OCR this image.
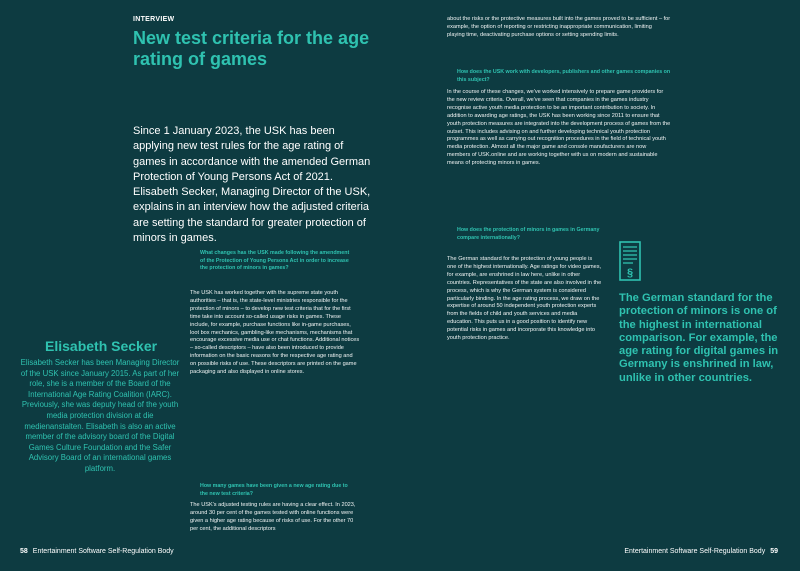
INTERVIEW
New test criteria for the age rating of games
Since 1 January 2023, the USK has been applying new test rules for the age rating of games in accordance with the amended German Protection of Young Persons Act of 2021. Elisabeth Secker, Managing Director of the USK, explains in an interview how the adjusted criteria are setting the standard for greater protection of minors in games.
What changes has the USK made following the amendment of the Protection of Young Persons Act in order to increase the protection of minors in games?
The USK has worked together with the supreme state youth authorities – that is, the state-level ministries responsible for the protection of minors – to develop new test criteria that for the first time take into account so-called usage risks in games. These include, for example, purchase functions like in-game purchases, loot box mechanics, gambling-like mechanisms, mechanisms that encourage excessive media use or chat functions. Additional notices – so-called descriptors – have also been introduced to provide information on the basic reasons for the respective age rating and on possible risks of use. These descriptors are printed on the game packaging and also displayed in online stores.
How many games have been given a new age rating due to the new test criteria?
The USK's adjusted testing rules are having a clear effect. In 2023, around 30 per cent of the games tested with online functions were given a higher age rating because of risks of use. For the other 70 per cent, the additional descriptors
about the risks or the protective measures built into the games proved to be sufficient – for example, the option of reporting or restricting inappropriate communication, limiting playing time, deactivating purchase options or setting spending limits.
How does the USK work with developers, publishers and other games companies on this subject?
In the course of these changes, we've worked intensively to prepare game providers for the new review criteria. Overall, we've seen that companies in the games industry recognise active youth media protection to be an important contribution to society. In addition to awarding age ratings, the USK has been working since 2011 to ensure that youth protection measures are integrated into the development process of games from the outset. This includes advising on and further developing technical youth protection programmes as well as carrying out recognition procedures in the field of technical youth media protection. Almost all the major game and console manufacturers are now members of USK.online and are working together with us on modern and sustainable means of protecting minors in games.
How does the protection of minors in games in Germany compare internationally?
The German standard for the protection of young people is one of the highest internationally. Age ratings for video games, for example, are enshrined in law here, unlike in other countries. Representatives of the state are also involved in the process, which is why the German system is considered particularly binding. In the age rating process, we draw on the expertise of around 50 independent youth protection experts from the fields of child and youth services and media education. This puts us in a good position to identify new potential risks in games and incorporate this knowledge into youth protection practice.
Elisabeth Secker
Elisabeth Secker has been Managing Director of the USK since January 2015. As part of her role, she is a member of the Board of the International Age Rating Coalition (IARC). Previously, she was deputy head of the youth media protection division at die medienanstalten. Elisabeth is also an active member of the advisory board of the Digital Games Culture Foundation and the Safer Advisory Board of an international games platform.
§
The German standard for the protection of minors is one of the highest in international comparison. For example, the age rating for digital games in Germany is enshrined in law, unlike in other countries.
58 Entertainment Software Self-Regulation Body	Entertainment Software Self-Regulation Body 59
